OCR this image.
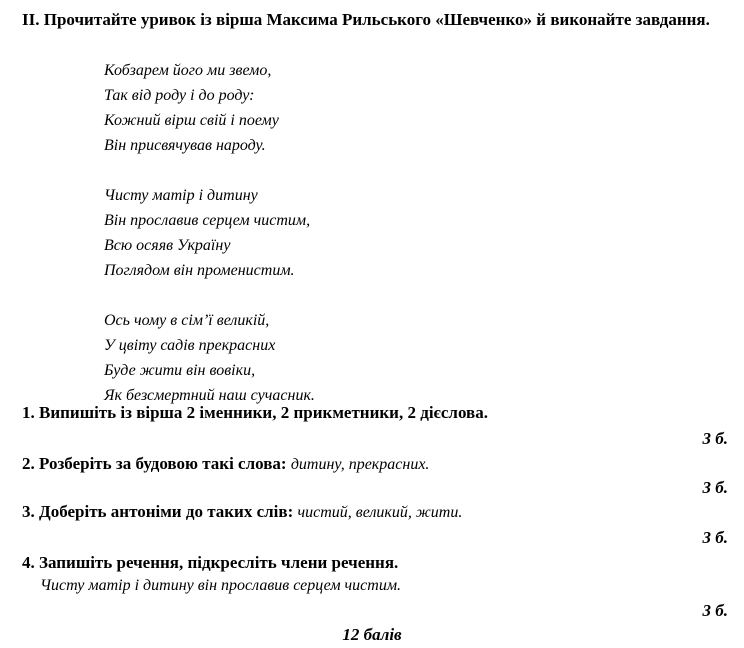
II. Прочитайте уривок із вірша Максима Рильського «Шевченко» й виконайте завдання.
Кобзарем його ми звемо,
Так від роду і до роду:
Кожний вірш свій і поему
Він присвячував народу.
Чисту матір і дитину
Він прославив серцем чистим,
Всю осяяв Україну
Поглядом він променистим.
Ось чому в сім’ї великій,
У цвіту садів прекрасних
Буде жити він вовіки,
Як безсмертний наш сучасник.
1. Випишіть із вірша 2 іменники, 2 прикметники, 2 дієслова.
3 б.
2. Розберіть за будовою такі слова: дитину, прекрасних.
3 б.
3. Доберіть антоніми до таких слів: чистий, великий, жити.
3 б.
4. Запишіть речення, підкресліть члени речення.
Чисту матір і дитину він прославив серцем чистим.
3 б.
12 балів
